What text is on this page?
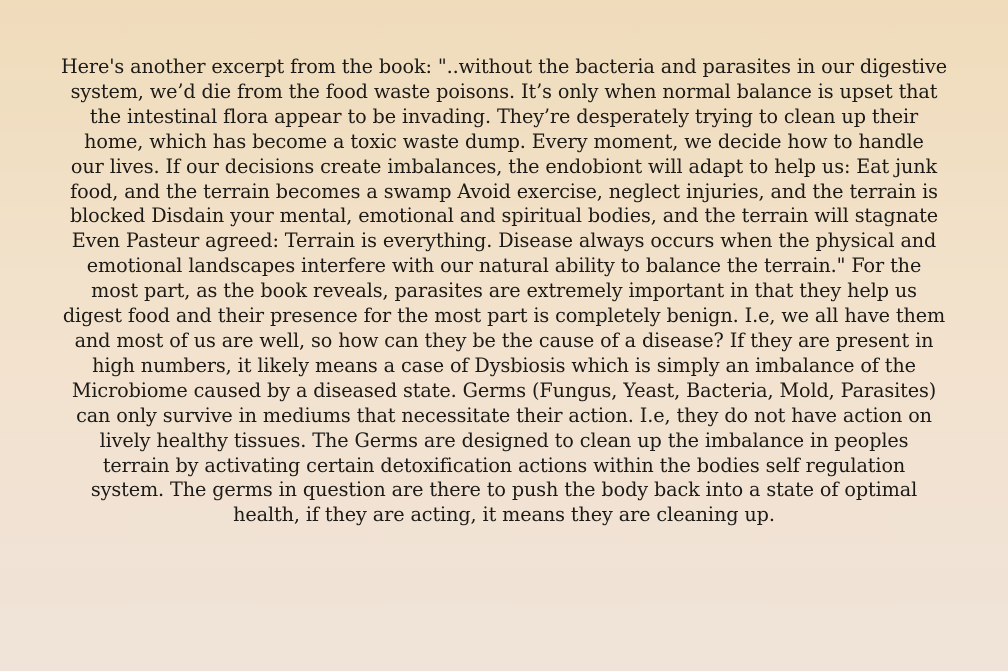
Here's another excerpt from the book: "..without the bacteria and parasites in our digestive
system, we’d die from the food waste poisons. It’s only when normal balance is upset that
the intestinal flora appear to be invading. They’re desperately trying to clean up their
home, which has become a toxic waste dump. Every moment, we decide how to handle
our lives. If our decisions create imbalances, the endobiont will adapt to help us: Eat junk
food, and the terrain becomes a swamp Avoid exercise, neglect injuries, and the terrain is
blocked Disdain your mental, emotional and spiritual bodies, and the terrain will stagnate
Even Pasteur agreed: Terrain is everything. Disease always occurs when the physical and
emotional landscapes interfere with our natural ability to balance the terrain." For the
most part, as the book reveals, parasites are extremely important in that they help us
digest food and their presence for the most part is completely benign. I.e, we all have them
and most of us are well, so how can they be the cause of a disease? If they are present in
high numbers, it likely means a case of Dysbiosis which is simply an imbalance of the
Microbiome caused by a diseased state. Germs (Fungus, Yeast, Bacteria, Mold, Parasites)
can only survive in mediums that necessitate their action. I.e, they do not have action on
lively healthy tissues. The Germs are designed to clean up the imbalance in peoples
terrain by activating certain detoxification actions within the bodies self regulation
system. The germs in question are there to push the body back into a state of optimal
health, if they are acting, it means they are cleaning up.
